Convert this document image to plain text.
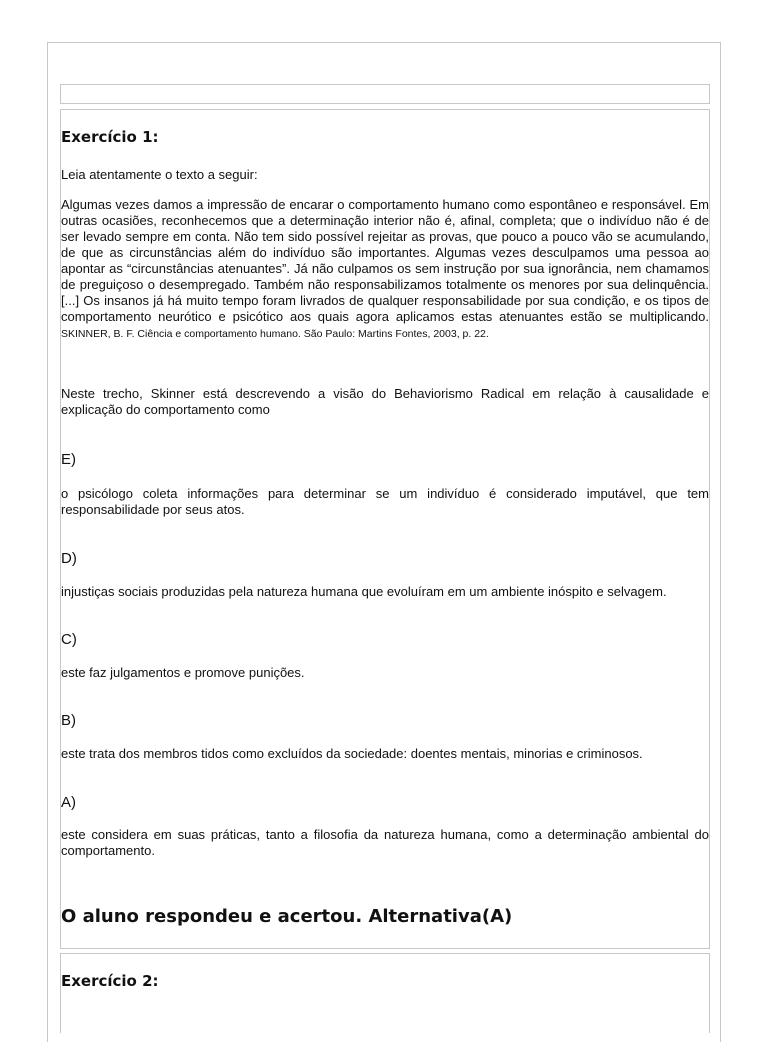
Exercício 1:

Leia atentamente o texto a seguir:

Algumas vezes damos a impressão de encarar o comportamento humano como espontâneo e responsável. Em outras ocasiões, reconhecemos que a determinação interior não é, afinal, completa; que o indivíduo não é de ser levado sempre em conta. Não tem sido possível rejeitar as provas, que pouco a pouco vão se acumulando, de que as circunstâncias além do indivíduo são importantes. Algumas vezes desculpamos uma pessoa ao apontar as “circunstâncias atenuantes”. Já não culpamos os sem instrução por sua ignorância, nem chamamos de preguiçoso o desempregado. Também não responsabilizamos totalmente os menores por sua delinquência. [...] Os insanos já há muito tempo foram livrados de qualquer responsabilidade por sua condição, e os tipos de comportamento neurótico e psicótico aos quais agora aplicamos estas atenuantes estão se multiplicando. SKINNER, B. F. Ciência e comportamento humano. São Paulo: Martins Fontes, 2003, p. 22.

Neste trecho, Skinner está descrevendo a visão do Behaviorismo Radical em relação à causalidade e explicação do comportamento como

E)

o psicólogo coleta informações para determinar se um indivíduo é considerado imputável, que tem responsabilidade por seus atos.

D)

injustiças sociais produzidas pela natureza humana que evoluíram em um ambiente inóspito e selvagem.

C)

este faz julgamentos e promove punições.

B)

este trata dos membros tidos como excluídos da sociedade: doentes mentais, minorias e criminosos.

A)

este considera em suas práticas, tanto a filosofia da natureza humana, como a determinação ambiental do comportamento.

O aluno respondeu e acertou. Alternativa(A)
Exercício 2:
